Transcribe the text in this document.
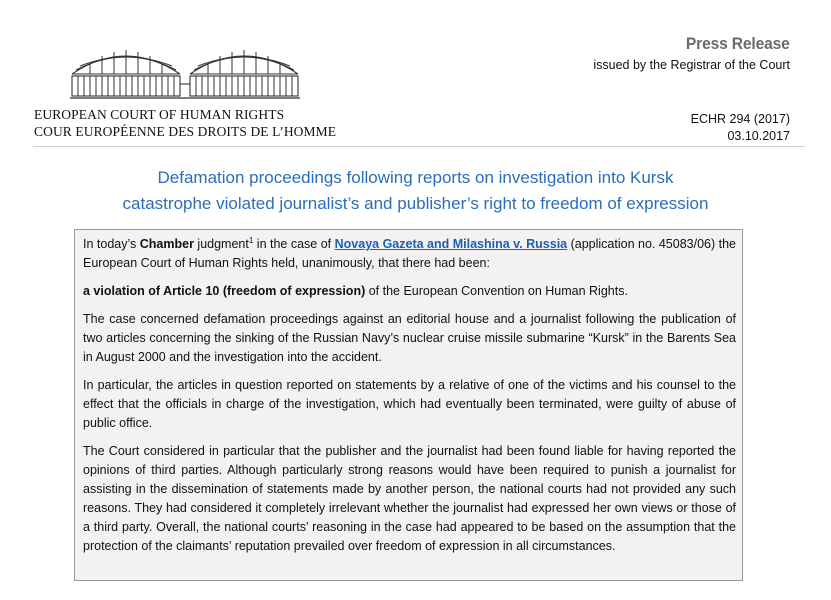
EUROPEAN COURT OF HUMAN RIGHTS
COUR EUROPÉENNE DES DROITS DE L’HOMME
Press Release
issued by the Registrar of the Court
ECHR 294 (2017)
03.10.2017
Defamation proceedings following reports on investigation into Kursk
catastrophe violated journalist’s and publisher’s right to freedom of expression

In today’s Chamber judgment$^1$ in the case of Novaya Gazeta and Milashina v. Russia (application no. 45083/06) the European Court of Human Rights held, unanimously, that there had been:

a violation of Article 10 (freedom of expression) of the European Convention on Human Rights.

The case concerned defamation proceedings against an editorial house and a journalist following the publication of two articles concerning the sinking of the Russian Navy’s nuclear cruise missile submarine “Kursk” in the Barents Sea in August 2000 and the investigation into the accident.

In particular, the articles in question reported on statements by a relative of one of the victims and his counsel to the effect that the officials in charge of the investigation, which had eventually been terminated, were guilty of abuse of public office.

The Court considered in particular that the publisher and the journalist had been found liable for having reported the opinions of third parties. Although particularly strong reasons would have been required to punish a journalist for assisting in the dissemination of statements made by another person, the national courts had not provided any such reasons. They had considered it completely irrelevant whether the journalist had expressed her own views or those of a third party. Overall, the national courts’ reasoning in the case had appeared to be based on the assumption that the protection of the claimants’ reputation prevailed over freedom of expression in all circumstances.
